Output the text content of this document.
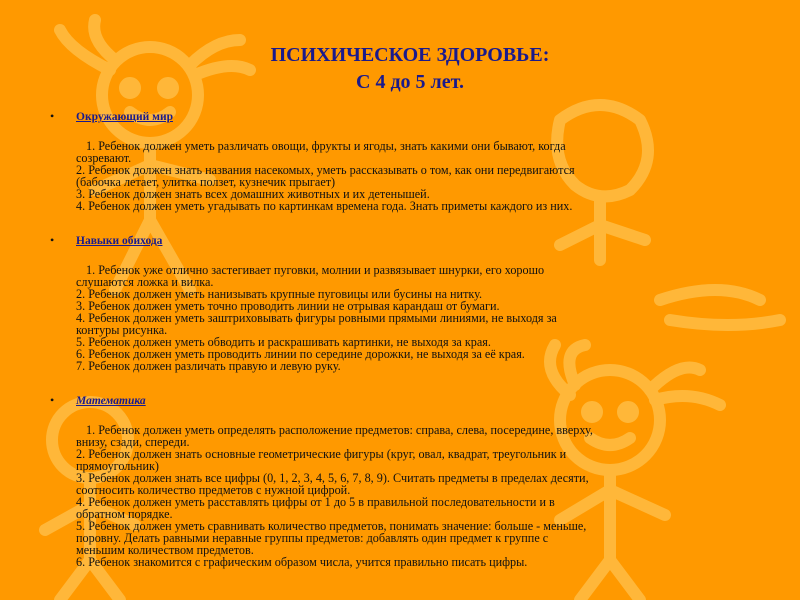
ПСИХИЧЕСКОЕ ЗДОРОВЬЕ:
С 4 до 5 лет.
• Окружающий мир
1. Ребенок должен уметь различать овощи, фрукты и ягоды, знать какими они бывают, когда
созревают.
2. Ребенок должен знать названия насекомых, уметь рассказывать о том, как они передвигаются
(бабочка летает, улитка ползет, кузнечик прыгает)
3. Ребенок должен знать всех домашних животных и их детенышей.
4. Ребенок должен уметь угадывать по картинкам времена года. Знать приметы каждого из них.
• Навыки обихода
1. Ребенок уже отлично застегивает пуговки, молнии и развязывает шнурки, его хорошо
слушаются ложка и вилка.
2. Ребенок должен уметь нанизывать крупные пуговицы или бусины на нитку.
3. Ребенок должен уметь точно проводить линии не отрывая карандаш от бумаги.
4. Ребенок должен уметь заштриховывать фигуры ровными прямыми линиями, не выходя за
контуры рисунка.
5. Ребенок должен уметь обводить и раскрашивать картинки, не выходя за края.
6. Ребенок должен уметь проводить линии по середине дорожки, не выходя за её края.
7. Ребенок должен различать правую и левую руку.
• Математика
1. Ребенок должен уметь определять расположение предметов: справа, слева, посередине, вверху,
внизу, сзади, спереди.
2. Ребенок должен знать основные геометрические фигуры (круг, овал, квадрат, треугольник и
прямоугольник)
3. Ребенок должен знать все цифры (0, 1, 2, 3, 4, 5, 6, 7, 8, 9). Считать предметы в пределах десяти,
соотносить количество предметов с нужной цифрой.
4. Ребенок должен уметь расставлять цифры от 1 до 5 в правильной последовательности и в
обратном порядке.
5. Ребенок должен уметь сравнивать количество предметов, понимать значение: больше - меньше,
поровну. Делать равными неравные группы предметов: добавлять один предмет к группе с
меньшим количеством предметов.
6. Ребенок знакомится с графическим образом числа, учится правильно писать цифры.
